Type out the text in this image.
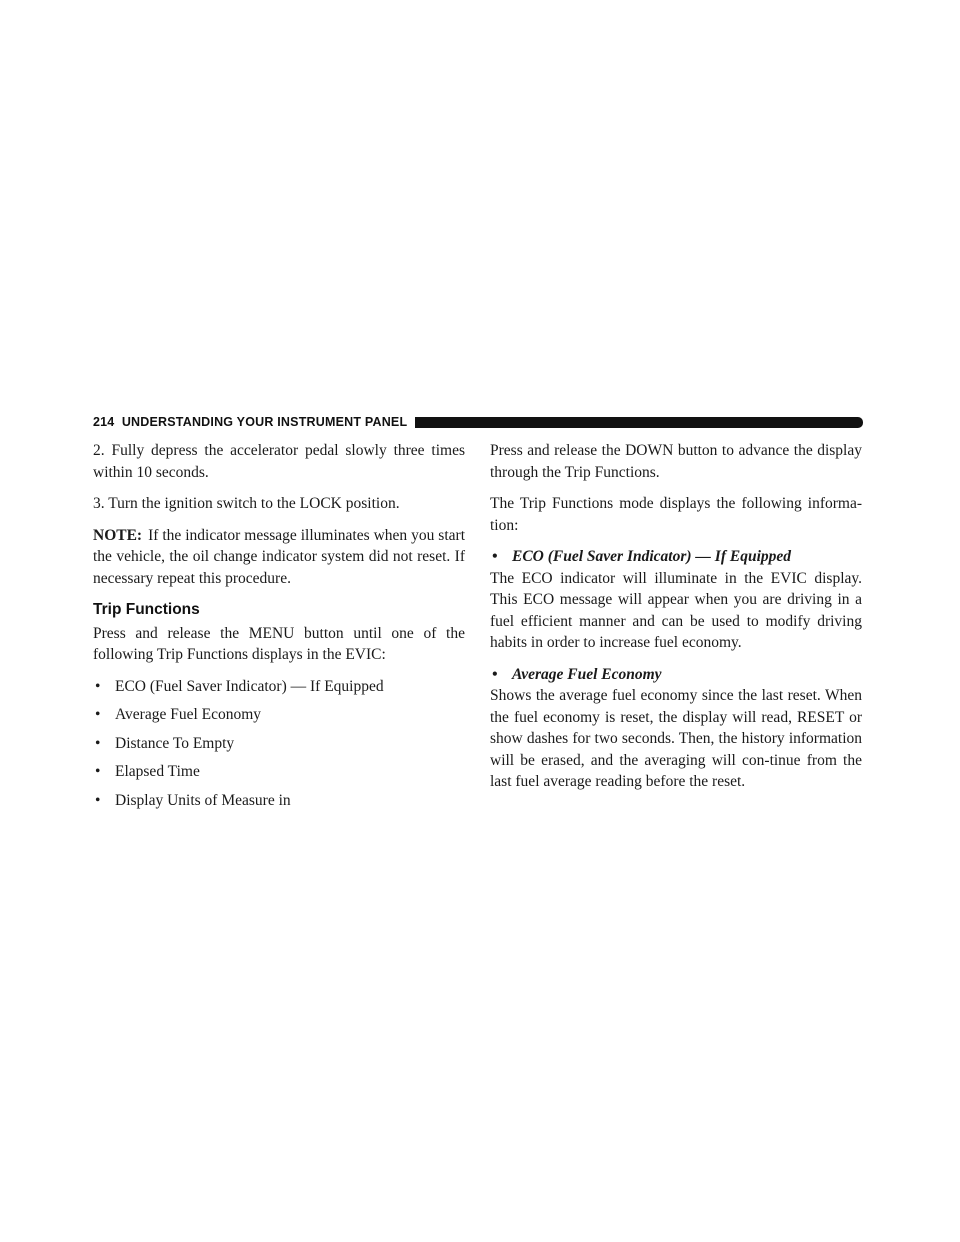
214 UNDERSTANDING YOUR INSTRUMENT PANEL

2. Fully depress the accelerator pedal slowly three times within 10 seconds.

3. Turn the ignition switch to the LOCK position.

NOTE: If the indicator message illuminates when you start the vehicle, the oil change indicator system did not reset. If necessary repeat this procedure.

Trip Functions

Press and release the MENU button until one of the following Trip Functions displays in the EVIC:

• ECO (Fuel Saver Indicator) — If Equipped
• Average Fuel Economy
• Distance To Empty
• Elapsed Time
• Display Units of Measure in

Press and release the DOWN button to advance the display through the Trip Functions.

The Trip Functions mode displays the following informa-tion:

• ECO (Fuel Saver Indicator) — If Equipped

The ECO indicator will illuminate in the EVIC display. This ECO message will appear when you are driving in a fuel efficient manner and can be used to modify driving habits in order to increase fuel economy.

• Average Fuel Economy

Shows the average fuel economy since the last reset. When the fuel economy is reset, the display will read, RESET or show dashes for two seconds. Then, the history information will be erased, and the averaging will con-tinue from the last fuel average reading before the reset.
